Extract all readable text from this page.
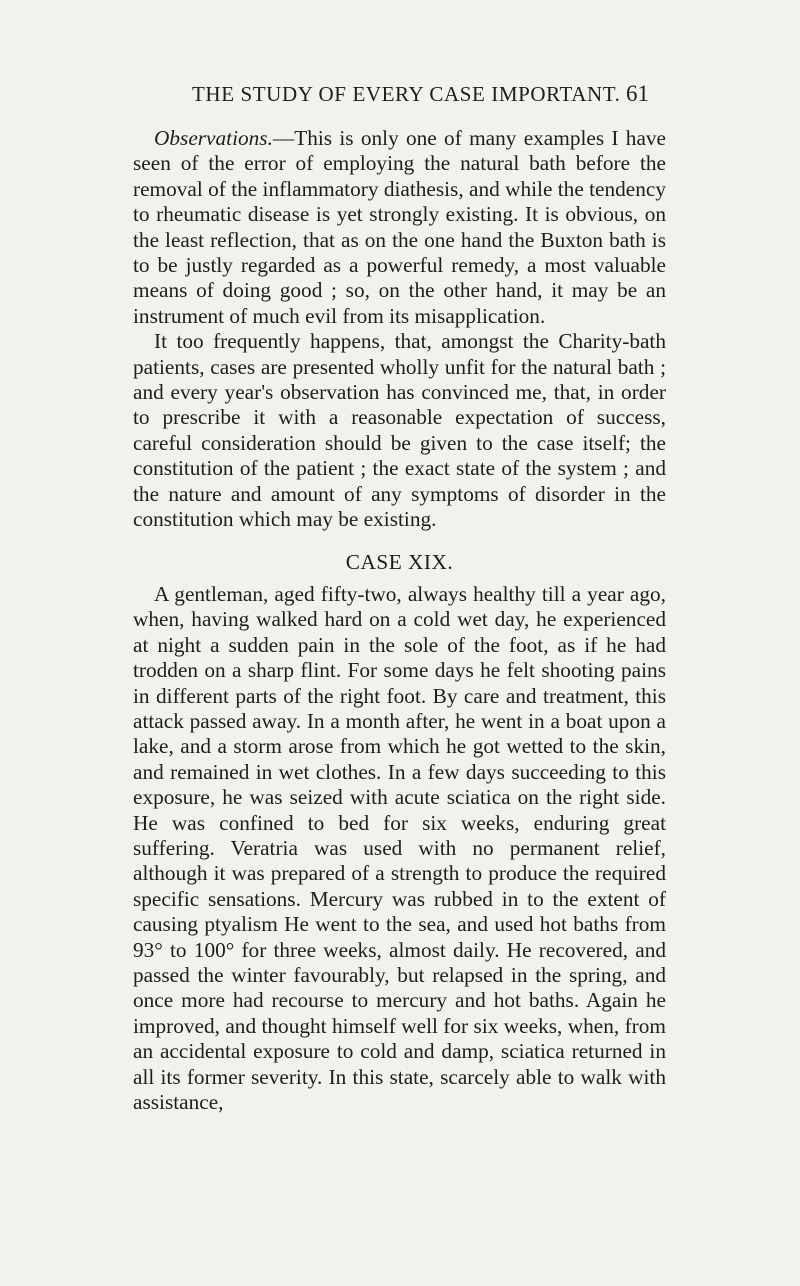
THE STUDY OF EVERY CASE IMPORTANT. 61

Observations.—This is only one of many examples I have seen of the error of employing the natural bath before the removal of the inflammatory diathesis, and while the tendency to rheumatic disease is yet strongly existing. It is obvious, on the least reflection, that as on the one hand the Buxton bath is to be justly regarded as a powerful remedy, a most valuable means of doing good ; so, on the other hand, it may be an instrument of much evil from its misapplication.

It too frequently happens, that, amongst the Charity-bath patients, cases are presented wholly unfit for the natural bath ; and every year's observation has convinced me, that, in order to prescribe it with a reasonable expectation of success, careful consideration should be given to the case itself; the constitution of the patient ; the exact state of the system ; and the nature and amount of any symptoms of disorder in the constitution which may be existing.

CASE XIX.

A gentleman, aged fifty-two, always healthy till a year ago, when, having walked hard on a cold wet day, he experienced at night a sudden pain in the sole of the foot, as if he had trodden on a sharp flint. For some days he felt shooting pains in different parts of the right foot. By care and treatment, this attack passed away. In a month after, he went in a boat upon a lake, and a storm arose from which he got wetted to the skin, and remained in wet clothes. In a few days succeeding to this exposure, he was seized with acute sciatica on the right side. He was confined to bed for six weeks, enduring great suffering. Veratria was used with no permanent relief, although it was prepared of a strength to produce the required specific sensations. Mercury was rubbed in to the extent of causing ptyalism He went to the sea, and used hot baths from 93° to 100° for three weeks, almost daily. He recovered, and passed the winter favourably, but relapsed in the spring, and once more had recourse to mercury and hot baths. Again he improved, and thought himself well for six weeks, when, from an accidental exposure to cold and damp, sciatica returned in all its former severity. In this state, scarcely able to walk with assistance,
